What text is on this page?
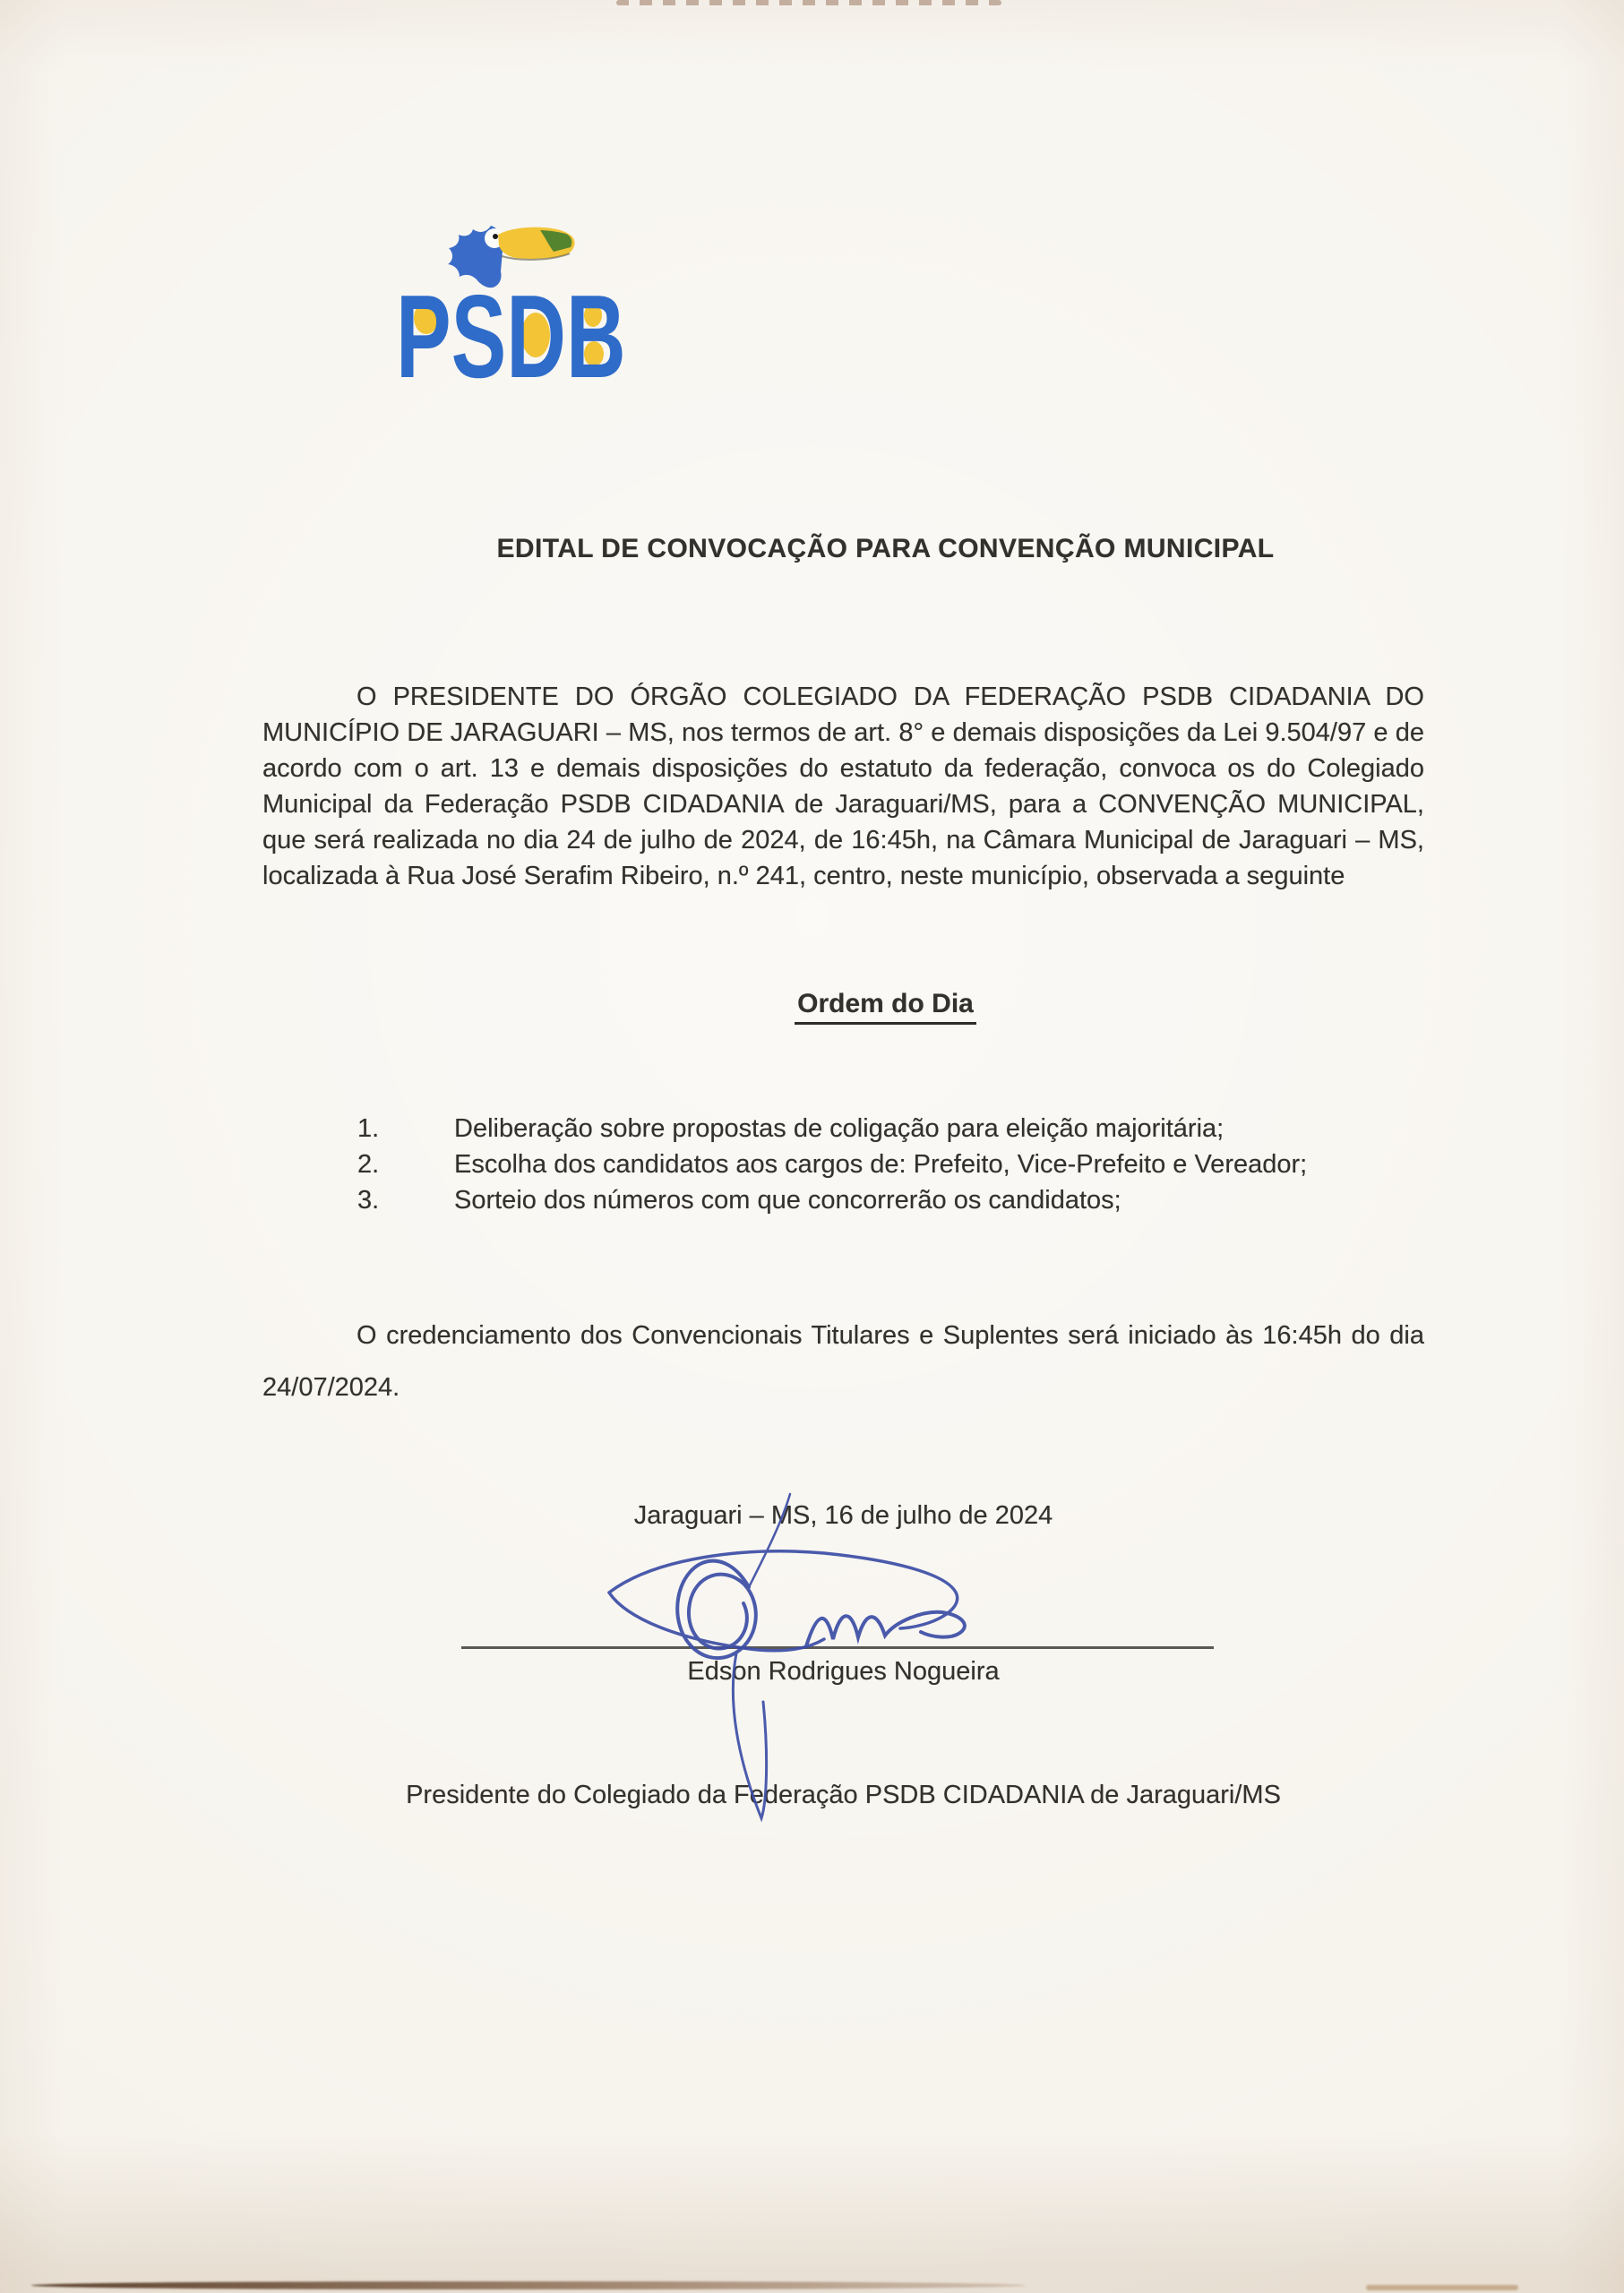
PSDB
EDITAL DE CONVOCAÇÃO PARA CONVENÇÃO MUNICIPAL
O PRESIDENTE DO ÓRGÃO COLEGIADO DA FEDERAÇÃO PSDB CIDADANIA DO MUNICÍPIO DE JARAGUARI – MS, nos termos de art. 8° e demais disposições da Lei 9.504/97 e de acordo com o art. 13 e demais disposições do estatuto da federação, convoca os do Colegiado Municipal da Federação PSDB CIDADANIA de Jaraguari/MS, para a CONVENÇÃO MUNICIPAL, que será realizada no dia 24 de julho de 2024, de 16:45h, na Câmara Municipal de Jaraguari – MS, localizada à Rua José Serafim Ribeiro, n.º 241, centro, neste município, observada a seguinte
Ordem do Dia
1.	Deliberação sobre propostas de coligação para eleição majoritária;
2.	Escolha dos candidatos aos cargos de: Prefeito, Vice-Prefeito e Vereador;
3.	Sorteio dos números com que concorrerão os candidatos;
O credenciamento dos Convencionais Titulares e Suplentes será iniciado às 16:45h do dia 24/07/2024.
Jaraguari – MS, 16 de julho de 2024
Edson Rodrigues Nogueira
Presidente do Colegiado da Federação PSDB CIDADANIA de Jaraguari/MS
